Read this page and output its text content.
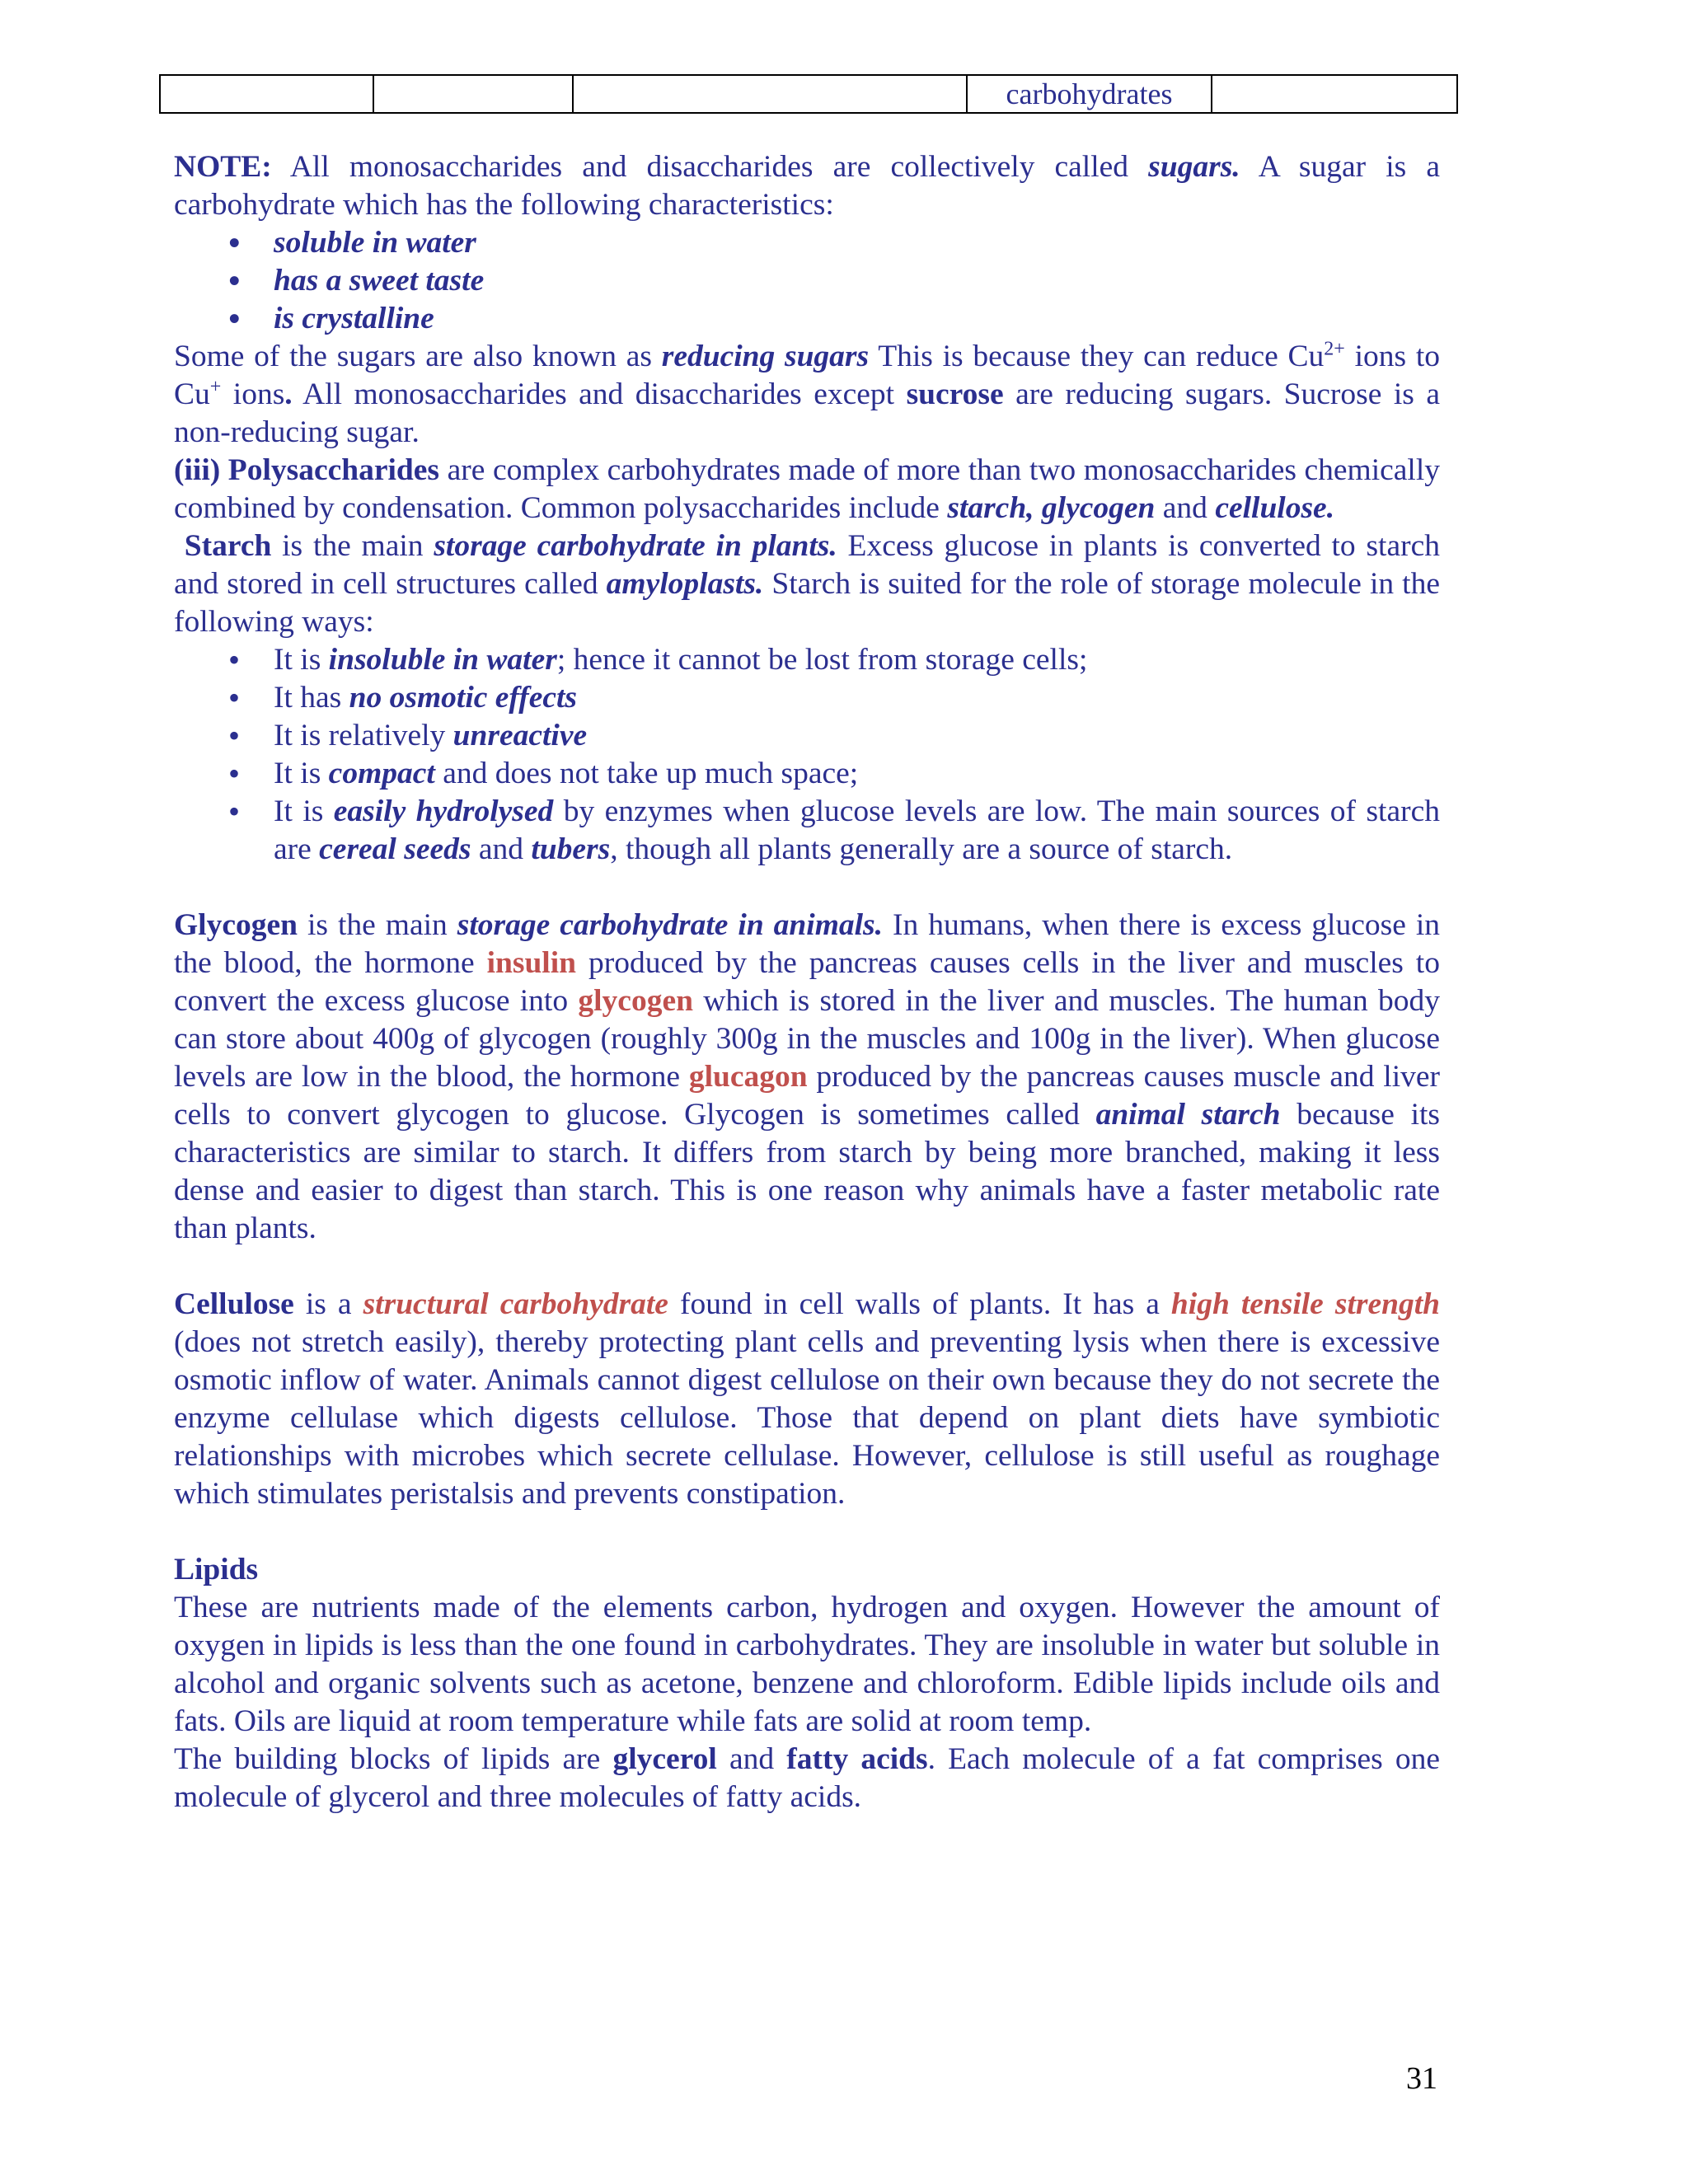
			carbohydrates	

NOTE: All monosaccharides and disaccharides are collectively called sugars. A sugar is a carbohydrate which has the following characteristics:

• soluble in water
• has a sweet taste
• is crystalline

Some of the sugars are also known as reducing sugars This is because they can reduce $Cu^{2+}$ ions to Cu+ ions. All monosaccharides and disaccharides except sucrose are reducing sugars. Sucrose is a non-reducing sugar.

(iii) Polysaccharides are complex carbohydrates made of more than two monosaccharides chemically combined by condensation. Common polysaccharides include starch, glycogen and cellulose.

Starch is the main storage carbohydrate in plants. Excess glucose in plants is converted to starch and stored in cell structures called amyloplasts. Starch is suited for the role of storage molecule in the following ways:

• It is insoluble in water; hence it cannot be lost from storage cells;
• It has no osmotic effects
• It is relatively unreactive
• It is compact and does not take up much space;
• It is easily hydrolysed by enzymes when glucose levels are low. The main sources of starch are cereal seeds and tubers, though all plants generally are a source of starch.

Glycogen is the main storage carbohydrate in animals. In humans, when there is excess glucose in the blood, the hormone insulin produced by the pancreas causes cells in the liver and muscles to convert the excess glucose into glycogen which is stored in the liver and muscles. The human body can store about 400g of glycogen (roughly 300g in the muscles and 100g in the liver). When glucose levels are low in the blood, the hormone glucagon produced by the pancreas causes muscle and liver cells to convert glycogen to glucose. Glycogen is sometimes called animal starch because its characteristics are similar to starch. It differs from starch by being more branched, making it less dense and easier to digest than starch. This is one reason why animals have a faster metabolic rate than plants.

Cellulose is a structural carbohydrate found in cell walls of plants. It has a high tensile strength (does not stretch easily), thereby protecting plant cells and preventing lysis when there is excessive osmotic inflow of water. Animals cannot digest cellulose on their own because they do not secrete the enzyme cellulase which digests cellulose. Those that depend on plant diets have symbiotic relationships with microbes which secrete cellulase. However, cellulose is still useful as roughage which stimulates peristalsis and prevents constipation.

Lipids

These are nutrients made of the elements carbon, hydrogen and oxygen. However the amount of oxygen in lipids is less than the one found in carbohydrates. They are insoluble in water but soluble in alcohol and organic solvents such as acetone, benzene and chloroform. Edible lipids include oils and fats. Oils are liquid at room temperature while fats are solid at room temp.

The building blocks of lipids are glycerol and fatty acids. Each molecule of a fat comprises one molecule of glycerol and three molecules of fatty acids.

31
